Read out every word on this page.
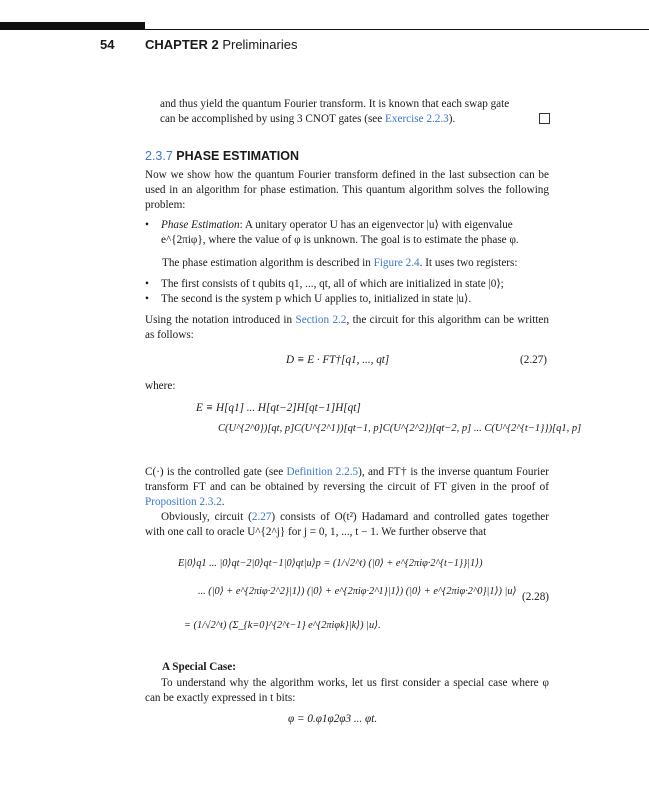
54 CHAPTER 2 Preliminaries
and thus yield the quantum Fourier transform. It is known that each swap gate
can be accomplished by using 3 CNOT gates (see Exercise 2.2.3).
2.3.7 PHASE ESTIMATION

Now we show how the quantum Fourier transform defined in the last subsection can be used in an algorithm for phase estimation. This quantum algorithm solves the following problem:

• Phase Estimation: A unitary operator U has an eigenvector |u⟩ with eigenvalue
e^{2πiφ}, where the value of φ is unknown. The goal is to estimate the phase φ.
The phase estimation algorithm is described in Figure 2.4. It uses two registers:
• The first consists of t qubits q1, ..., qt, all of which are initialized in state |0⟩;
• The second is the system p which U applies to, initialized in state |u⟩.

Using the notation introduced in Section 2.2, the circuit for this algorithm can be written as follows:

D ≡ E · FT†[q1, ..., qt]	(2.27)
where:
E ≡ H[q1] ... H[qt−2]H[qt−1]H[qt]
C(U^{2^0})[qt, p]C(U^{2^1})[qt−1, p]C(U^{2^2})[qt−2, p] ... C(U^{2^{t−1}})[q1, p]

C(·) is the controlled gate (see Definition 2.2.5), and FT† is the inverse quantum Fourier transform FT and can be obtained by reversing the circuit of FT given in the proof of Proposition 2.3.2.

Obviously, circuit (2.27) consists of O(t²) Hadamard and controlled gates together with one call to oracle U^{2^j} for j = 0, 1, ..., t − 1. We further observe that

E|0⟩q1 ... |0⟩qt−2|0⟩qt−1|0⟩qt|u⟩p = (1/√2^t) (|0⟩ + e^{2πiφ·2^{t−1}}|1⟩)
... (|0⟩ + e^{2πiφ·2^2}|1⟩) (|0⟩ + e^{2πiφ·2^1}|1⟩) (|0⟩ + e^{2πiφ·2^0}|1⟩) |u⟩ (2.28)
= (1/√2^t) (Σ_{k=0}^{2^t−1} e^{2πiφk}|k⟩) |u⟩.
A Special Case:

To understand why the algorithm works, let us first consider a special case where φ can be exactly expressed in t bits:

φ = 0.φ1φ2φ3 ... φt.
